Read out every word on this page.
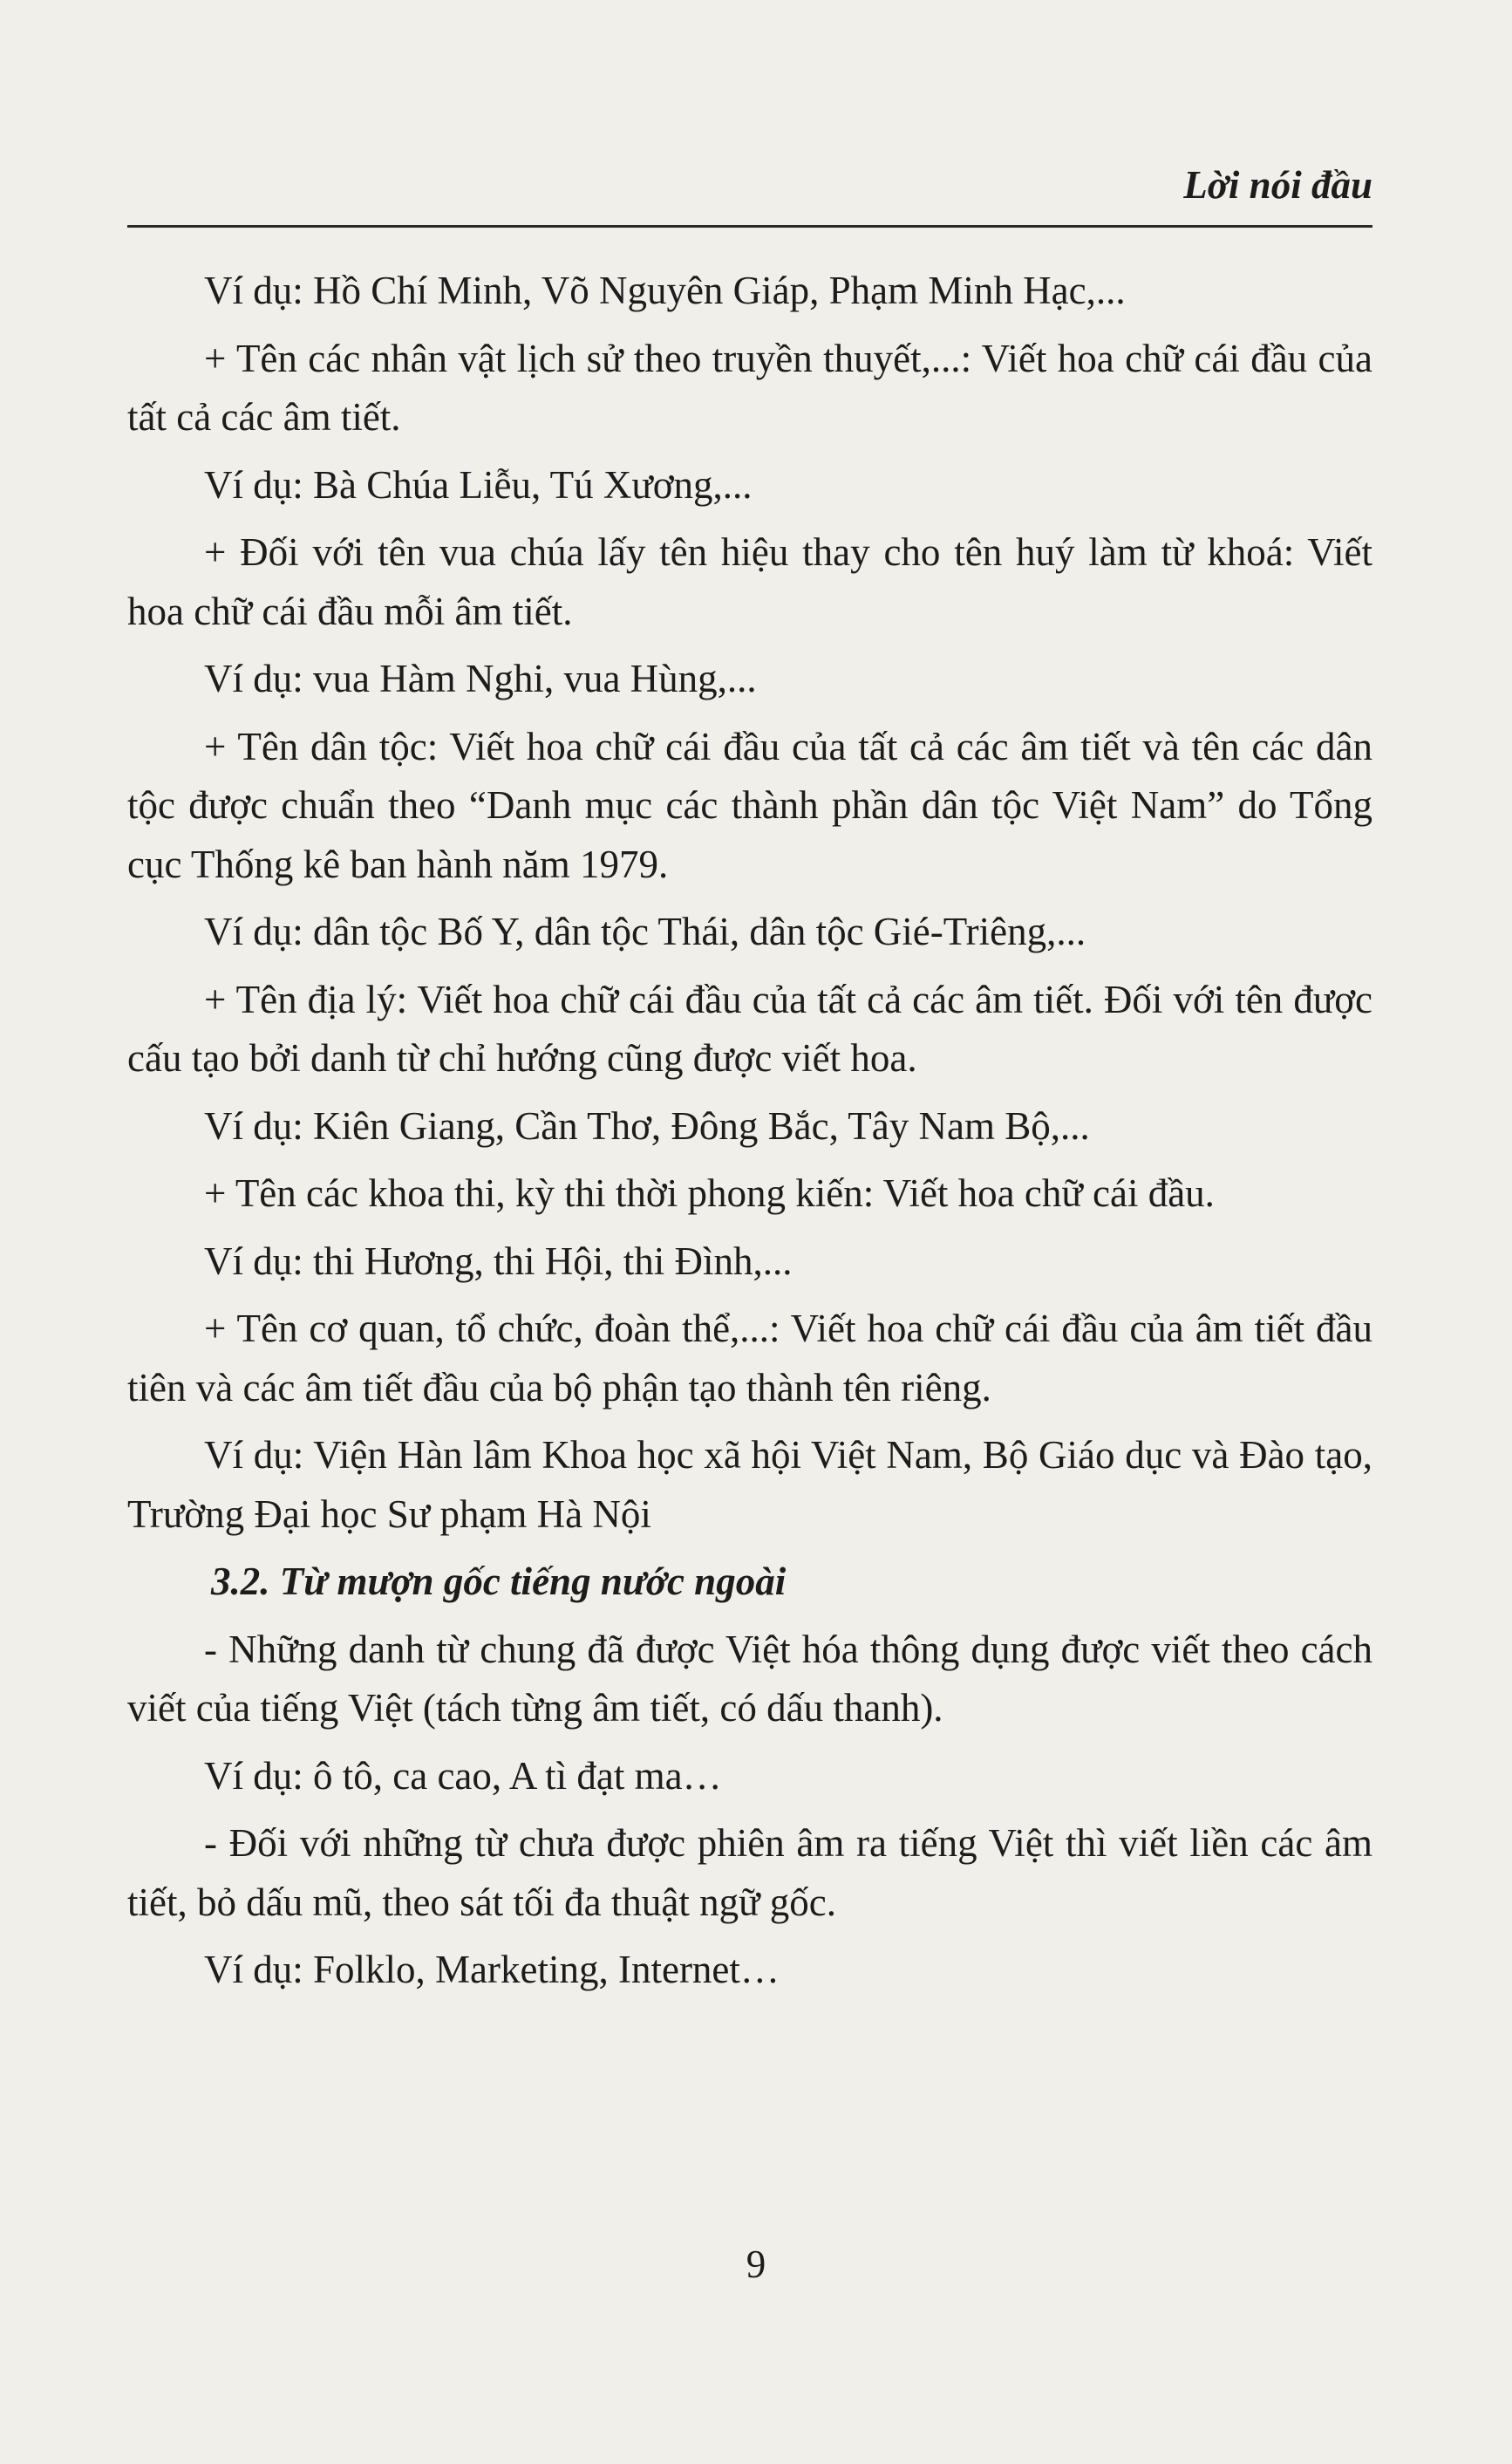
Lời nói đầu

Ví dụ: Hồ Chí Minh, Võ Nguyên Giáp, Phạm Minh Hạc,...

+ Tên các nhân vật lịch sử theo truyền thuyết,...: Viết hoa chữ cái đầu của tất cả các âm tiết.

Ví dụ: Bà Chúa Liễu, Tú Xương,...

+ Đối với tên vua chúa lấy tên hiệu thay cho tên huý làm từ khoá: Viết hoa chữ cái đầu mỗi âm tiết.

Ví dụ: vua Hàm Nghi, vua Hùng,...

+ Tên dân tộc: Viết hoa chữ cái đầu của tất cả các âm tiết và tên các dân tộc được chuẩn theo “Danh mục các thành phần dân tộc Việt Nam” do Tổng cục Thống kê ban hành năm 1979.

Ví dụ: dân tộc Bố Y, dân tộc Thái, dân tộc Gié-Triêng,...

+ Tên địa lý: Viết hoa chữ cái đầu của tất cả các âm tiết. Đối với tên được cấu tạo bởi danh từ chỉ hướng cũng được viết hoa.

Ví dụ: Kiên Giang, Cần Thơ, Đông Bắc, Tây Nam Bộ,...

+ Tên các khoa thi, kỳ thi thời phong kiến: Viết hoa chữ cái đầu.

Ví dụ: thi Hương, thi Hội, thi Đình,...

+ Tên cơ quan, tổ chức, đoàn thể,...: Viết hoa chữ cái đầu của âm tiết đầu tiên và các âm tiết đầu của bộ phận tạo thành tên riêng.

Ví dụ: Viện Hàn lâm Khoa học xã hội Việt Nam, Bộ Giáo dục và Đào tạo, Trường Đại học Sư phạm Hà Nội

3.2. Từ mượn gốc tiếng nước ngoài

- Những danh từ chung đã được Việt hóa thông dụng được viết theo cách viết của tiếng Việt (tách từng âm tiết, có dấu thanh).

Ví dụ: ô tô, ca cao, A tì đạt ma…

- Đối với những từ chưa được phiên âm ra tiếng Việt thì viết liền các âm tiết, bỏ dấu mũ, theo sát tối đa thuật ngữ gốc.

Ví dụ: Folklo, Marketing, Internet…

9
